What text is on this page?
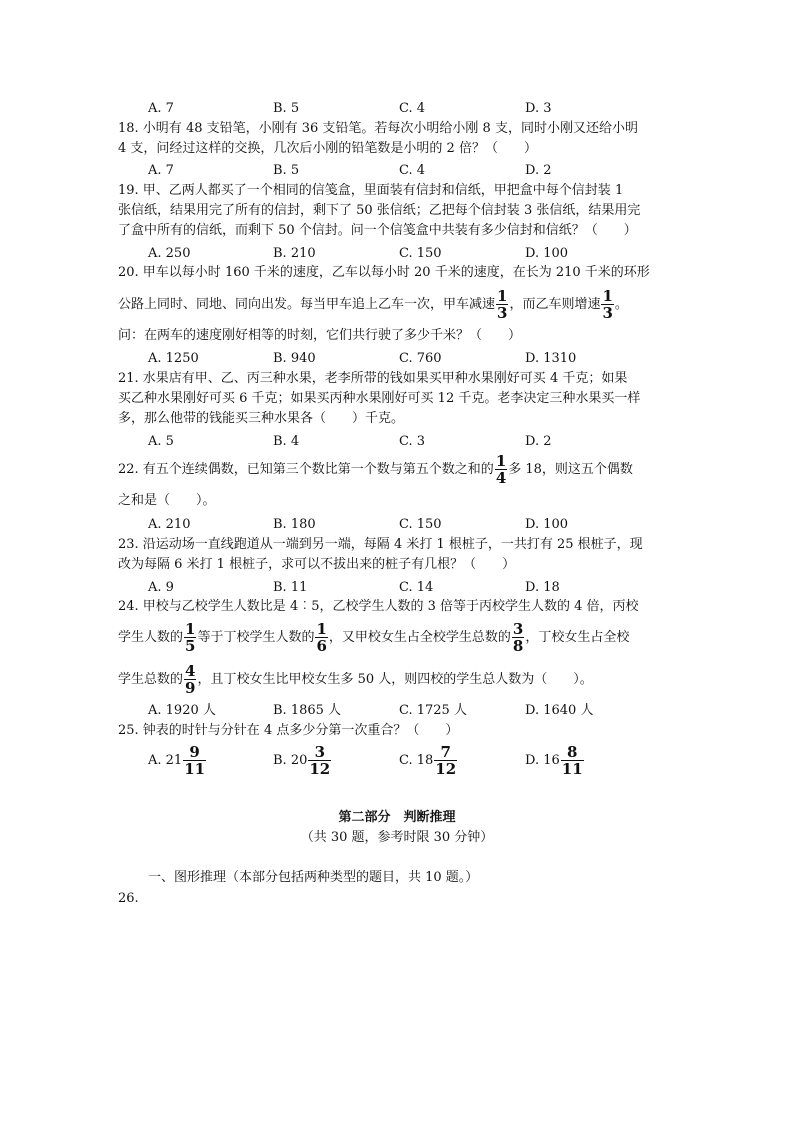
A. 7	B. 5	C. 4	D. 3
18. 小明有 48 支铅笔，小刚有 36 支铅笔。若每次小明给小刚 8 支，同时小刚又还给小明
4 支，问经过这样的交换，几次后小刚的铅笔数是小明的 2 倍？（　　）
A. 7	B. 5	C. 4	D. 2
19. 甲、乙两人都买了一个相同的信笺盒，里面装有信封和信纸，甲把盒中每个信封装 1
张信纸，结果用完了所有的信封，剩下了 50 张信纸；乙把每个信封装 3 张信纸，结果用完
了盒中所有的信纸，而剩下 50 个信封。问一个信笺盒中共装有多少信封和信纸？（　　）
A. 250	B. 210	C. 150	D. 100
20. 甲车以每小时 160 千米的速度，乙车以每小时 20 千米的速度，在长为 210 千米的环形
公路上同时、同地、同向出发。每当甲车追上乙车一次，甲车减速 $\frac{1}{3}$ ，而乙车则增速 $\frac{1}{3}$ 。
问：在两车的速度刚好相等的时刻，它们共行驶了多少千米？（　　）
A. 1250	B. 940	C. 760	D. 1310
21. 水果店有甲、乙、丙三种水果，老李所带的钱如果买甲种水果刚好可买 4 千克；如果
买乙种水果刚好可买 6 千克；如果买丙种水果刚好可买 12 千克。老李决定三种水果买一样
多，那么他带的钱能买三种水果各（　　）千克。
A. 5	B. 4	C. 3	D. 2
22. 有五个连续偶数，已知第三个数比第一个数与第五个数之和的 $\frac{1}{4}$ 多 18，则这五个偶数
之和是（　　）。
A. 210	B. 180	C. 150	D. 100
23. 沿运动场一直线跑道从一端到另一端，每隔 4 米打 1 根桩子，一共打有 25 根桩子，现
改为每隔 6 米打 1 根桩子，求可以不拔出来的桩子有几根？（　　）
A. 9	B. 11	C. 14	D. 18
24. 甲校与乙校学生人数比是 4︰5，乙校学生人数的 3 倍等于丙校学生人数的 4 倍，丙校
学生人数的 $\frac{1}{5}$ 等于丁校学生人数的 $\frac{1}{6}$ ，又甲校女生占全校学生总数的 $\frac{3}{8}$ ，丁校女生占全校
学生总数的 $\frac{4}{9}$ ，且丁校女生比甲校女生多 50 人，则四校的学生总人数为（　　）。
A. 1920 人	B. 1865 人	C. 1725 人	D. 1640 人
25. 钟表的时针与分针在 4 点多少分第一次重合？（　　）
A. $21 \frac{9}{11}$	B. $20 \frac{3}{12}$	C. $18 \frac{7}{12}$	D. $16 \frac{8}{11}$
第二部分　判断推理
（共 30 题，参考时限 30 分钟）
一、图形推理（本部分包括两种类型的题目，共 10 题。）
26.
